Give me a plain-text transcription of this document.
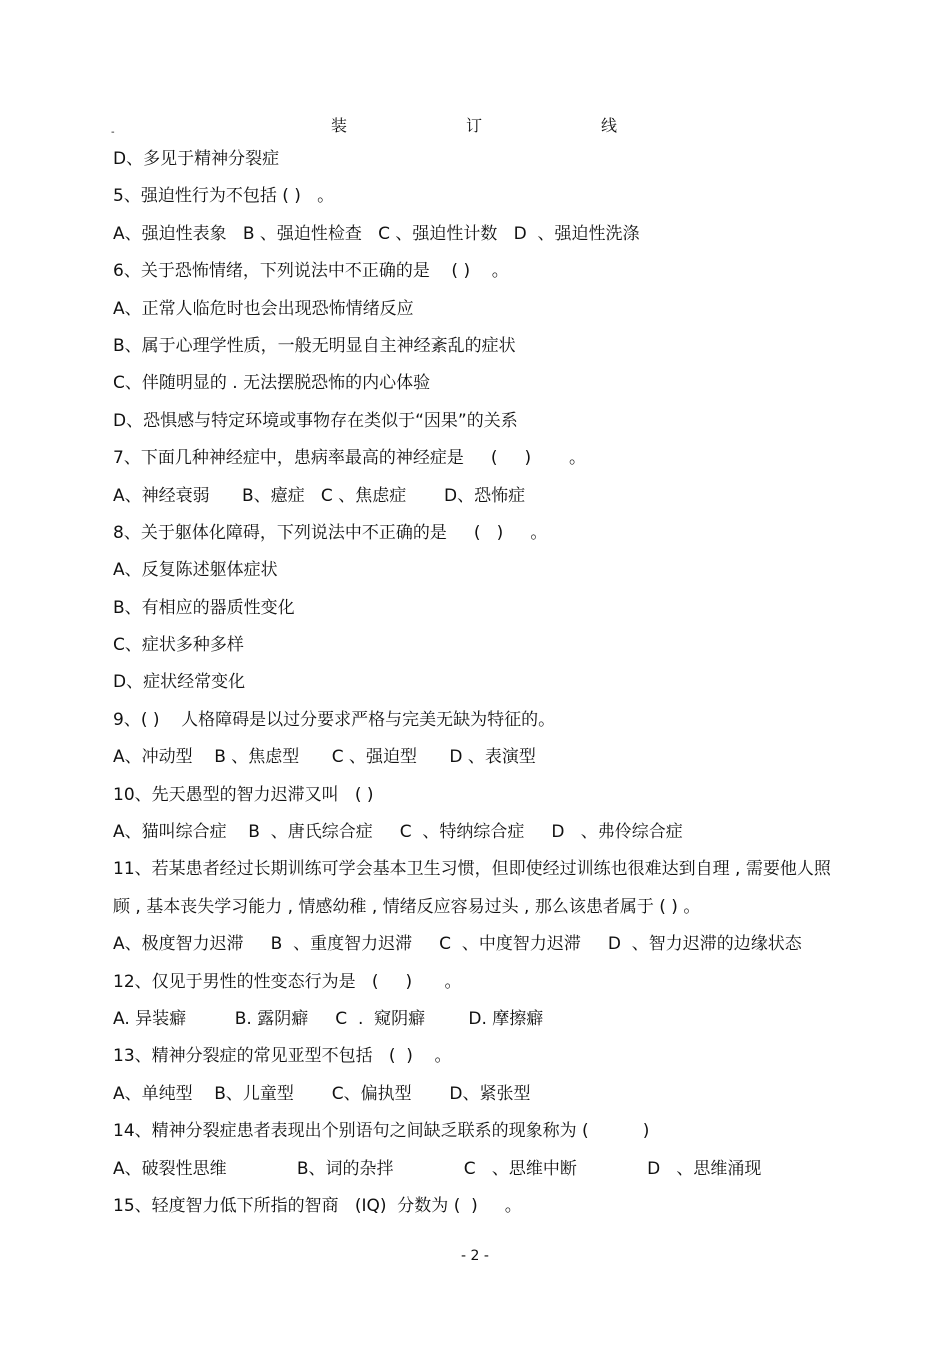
装	订	线
-
D、多见于精神分裂症
5、强迫性行为不包括 ( )   。
A、强迫性表象   B 、强迫性检查   C 、强迫性计数   D  、强迫性洗涤
6、关于恐怖情绪，下列说法中不正确的是    ( )    。
A、正常人临危时也会出现恐怖情绪反应
B、属于心理学性质，一般无明显自主神经紊乱的症状
C、伴随明显的 . 无法摆脱恐怖的内心体验
D、恐惧感与特定环境或事物存在类似于“因果”的关系
7、下面几种神经症中，患病率最高的神经症是     (     )       。
A、神经衰弱      B、癔症   C 、焦虑症       D、恐怖症
8、关于躯体化障碍，下列说法中不正确的是     (   )     。
A、反复陈述躯体症状
B、有相应的器质性变化
C、症状多种多样
D、症状经常变化
9、( )    人格障碍是以过分要求严格与完美无缺为特征的。
A、冲动型    B 、焦虑型      C 、强迫型      D 、表演型
10、先天愚型的智力迟滞又叫   ( )
A、猫叫综合症    B  、唐氏综合症     C  、特纳综合症     D   、弗伶综合症
11、若某患者经过长期训练可学会基本卫生习惯，但即使经过训练也很难达到自理 , 需要他人照顾 , 基本丧失学习能力 , 情感幼稚 , 情绪反应容易过头 , 那么该患者属于 ( ) 。
A、极度智力迟滞     B  、重度智力迟滞     C  、中度智力迟滞     D  、智力迟滞的边缘状态
12、仅见于男性的性变态行为是   (     )      。
A. 异装癖         B. 露阴癖     C  .  窥阴癖        D. 摩擦癖
13、精神分裂症的常见亚型不包括   (  )    。
A、单纯型    B、儿童型       C、偏执型       D、紧张型
14、精神分裂症患者表现出个别语句之间缺乏联系的现象称为 (          )
A、破裂性思维             B、词的杂拌             C   、思维中断             D   、思维涌现
15、轻度智力低下所指的智商   (IQ)  分数为 (  )     。
- 2 -
